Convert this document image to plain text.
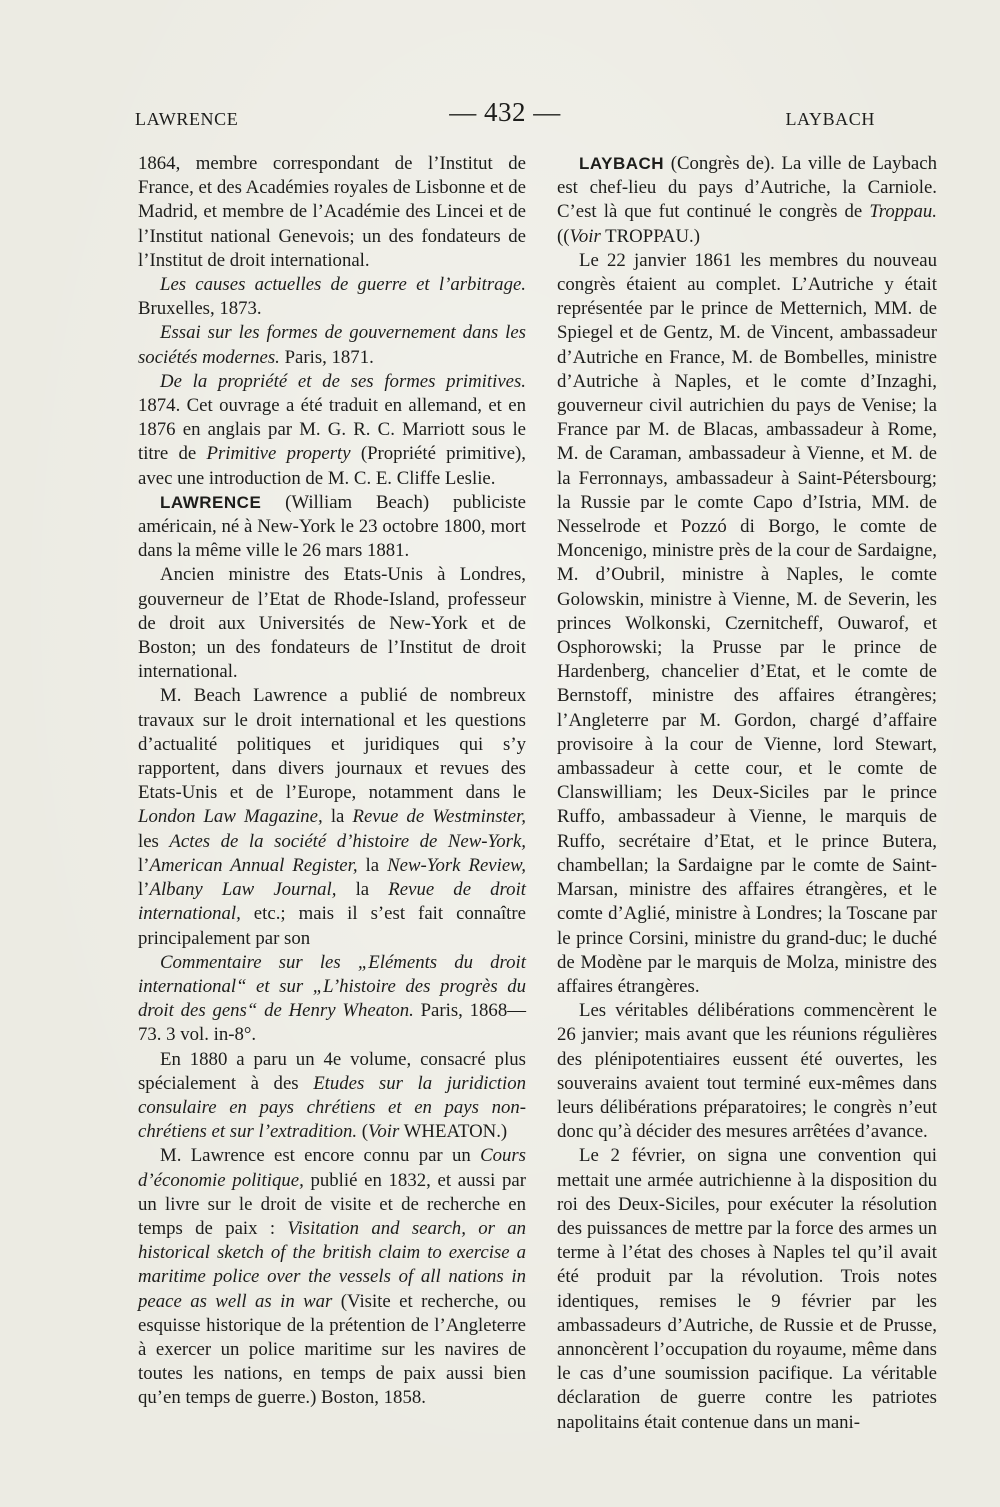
LAWRENCE	— 432 —	LAYBACH

1864, membre correspondant de l’Institut de France, et des Académies royales de Lisbonne et de Madrid, et membre de l’Académie des Lincei et de l’Institut national Genevois; un des fondateurs de l’Institut de droit international.

Les causes actuelles de guerre et l’arbitrage. Bruxelles, 1873.

Essai sur les formes de gouvernement dans les sociétés modernes. Paris, 1871.

De la propriété et de ses formes primitives. 1874. Cet ouvrage a été traduit en allemand, et en 1876 en anglais par M. G. R. C. Marriott sous le titre de Primitive property (Propriété primitive), avec une introduction de M. C. E. Cliffe Leslie.

LAWRENCE (William Beach) publiciste américain, né à New-York le 23 octobre 1800, mort dans la même ville le 26 mars 1881.

Ancien ministre des Etats-Unis à Londres, gouverneur de l’Etat de Rhode-Island, professeur de droit aux Universités de New-York et de Boston; un des fondateurs de l’Institut de droit international.

M. Beach Lawrence a publié de nombreux travaux sur le droit international et les questions d’actualité politiques et juridiques qui s’y rapportent, dans divers journaux et revues des Etats-Unis et de l’Europe, notamment dans le London Law Magazine, la Revue de Westminster, les Actes de la société d’histoire de New-York, l’American Annual Register, la New-York Review, l’Albany Law Journal, la Revue de droit international, etc.; mais il s’est fait connaître principalement par son

Commentaire sur les „Eléments du droit international“ et sur „L’histoire des progrès du droit des gens“ de Henry Wheaton. Paris, 1868—73. 3 vol. in-8°.

En 1880 a paru un 4e volume, consacré plus spécialement à des Etudes sur la juridiction consulaire en pays chrétiens et en pays non-chrétiens et sur l’extradition. (Voir WHEATON.)

M. Lawrence est encore connu par un Cours d’économie politique, publié en 1832, et aussi par un livre sur le droit de visite et de recherche en temps de paix : Visitation and search, or an historical sketch of the british claim to exercise a maritime police over the vessels of all nations in peace as well as in war (Visite et recherche, ou esquisse historique de la prétention de l’Angleterre à exercer un police maritime sur les navires de toutes les nations, en temps de paix aussi bien qu’en temps de guerre.) Boston, 1858.

LAYBACH (Congrès de). La ville de Laybach est chef-lieu du pays d’Autriche, la Carniole. C’est là que fut continué le congrès de Troppau. ((Voir TROPPAU.)

Le 22 janvier 1861 les membres du nouveau congrès étaient au complet. L’Autriche y était représentée par le prince de Metternich, MM. de Spiegel et de Gentz, M. de Vincent, ambassadeur d’Autriche en France, M. de Bombelles, ministre d’Autriche à Naples, et le comte d’Inzaghi, gouverneur civil autrichien du pays de Venise; la France par M. de Blacas, ambassadeur à Rome, M. de Caraman, ambassadeur à Vienne, et M. de la Ferronnays, ambassadeur à Saint-Pétersbourg; la Russie par le comte Capo d’Istria, MM. de Nesselrode et Pozzó di Borgo, le comte de Moncenigo, ministre près de la cour de Sardaigne, M. d’Oubril, ministre à Naples, le comte Golowskin, ministre à Vienne, M. de Severin, les princes Wolkonski, Czernitcheff, Ouwarof, et Osphorowski; la Prusse par le prince de Hardenberg, chancelier d’Etat, et le comte de Bernstoff, ministre des affaires étrangères; l’Angleterre par M. Gordon, chargé d’affaire provisoire à la cour de Vienne, lord Stewart, ambassadeur à cette cour, et le comte de Clanswilliam; les Deux-Siciles par le prince Ruffo, ambassadeur à Vienne, le marquis de Ruffo, secrétaire d’Etat, et le prince Butera, chambellan; la Sardaigne par le comte de Saint-Marsan, ministre des affaires étrangères, et le comte d’Aglié, ministre à Londres; la Toscane par le prince Corsini, ministre du grand-duc; le duché de Modène par le marquis de Molza, ministre des affaires étrangères.

Les véritables délibérations commencèrent le 26 janvier; mais avant que les réunions régulières des plénipotentiaires eussent été ouvertes, les souverains avaient tout terminé eux-mêmes dans leurs délibérations préparatoires; le congrès n’eut donc qu’à décider des mesures arrêtées d’avance.

Le 2 février, on signa une convention qui mettait une armée autrichienne à la disposition du roi des Deux-Siciles, pour exécuter la résolution des puissances de mettre par la force des armes un terme à l’état des choses à Naples tel qu’il avait été produit par la révolution. Trois notes identiques, remises le 9 février par les ambassadeurs d’Autriche, de Russie et de Prusse, annoncèrent l’occupation du royaume, même dans le cas d’une soumission pacifique. La véritable déclaration de guerre contre les patriotes napolitains était contenue dans un mani-
